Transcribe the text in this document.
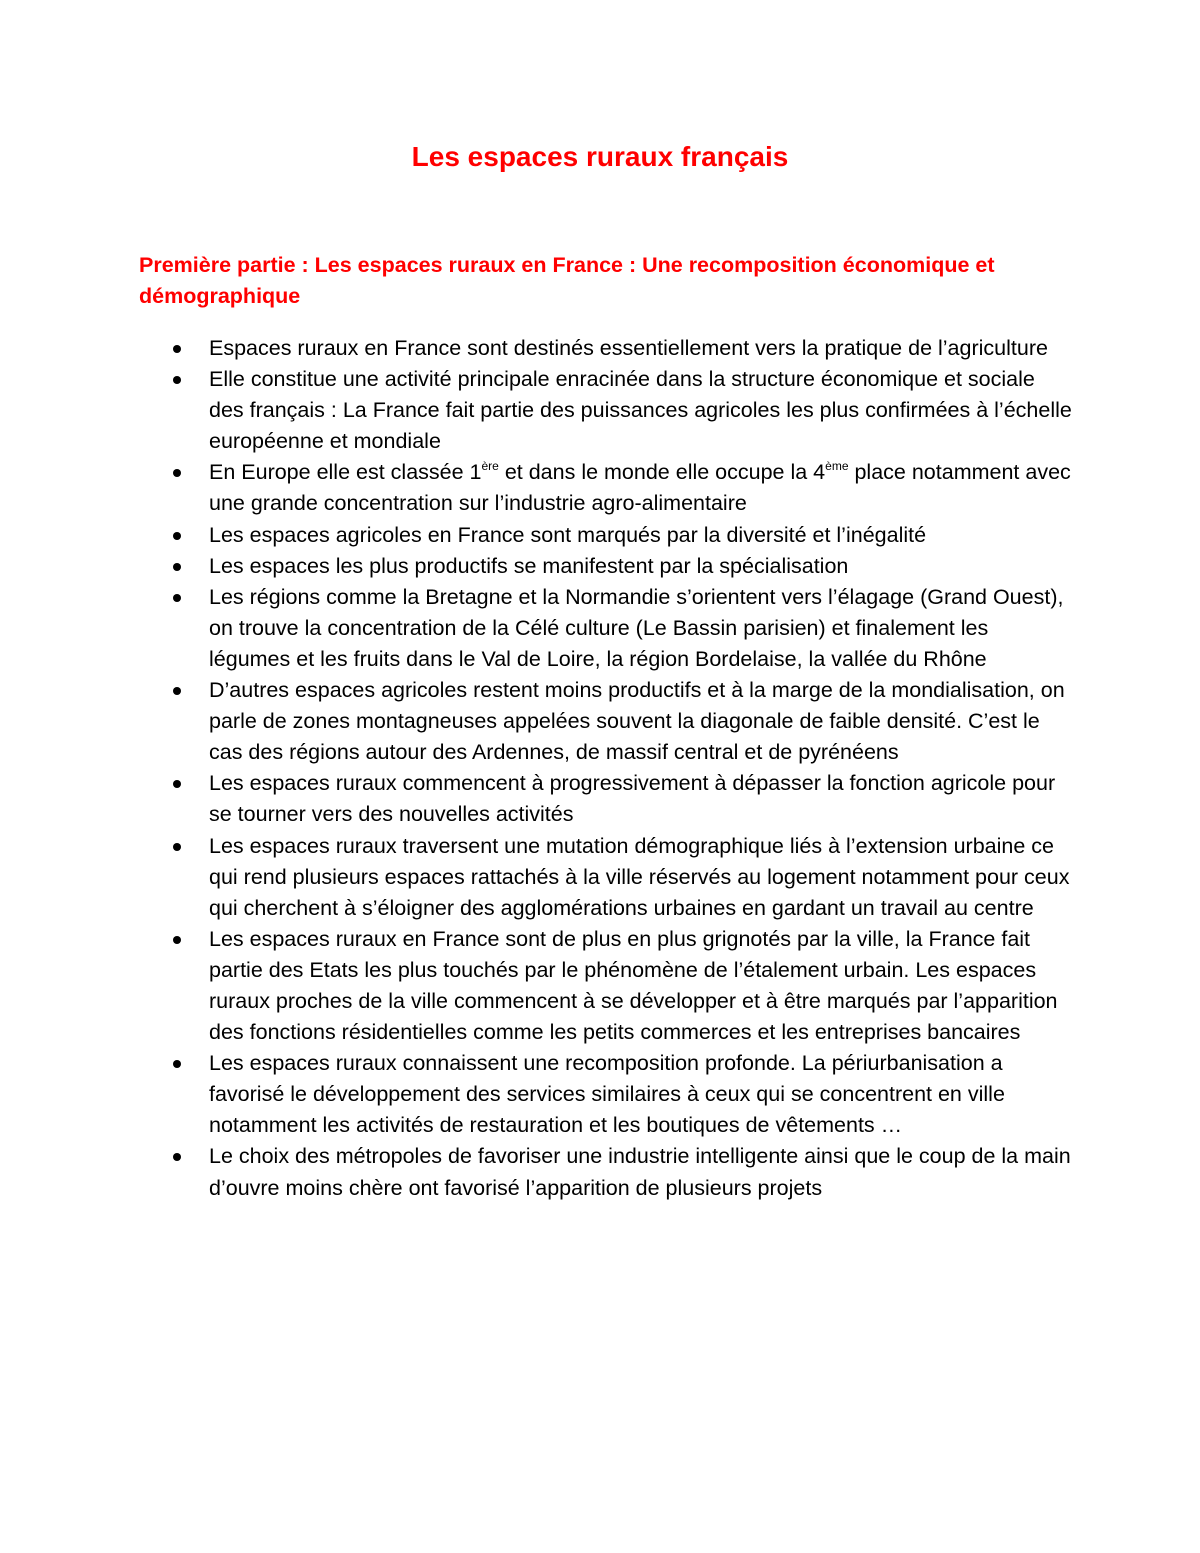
Les espaces ruraux français
Première partie : Les espaces ruraux en France : Une recomposition économique et démographique
Espaces ruraux en France sont destinés essentiellement vers la pratique de l’agriculture
Elle constitue une activité principale enracinée dans la structure économique et sociale des français : La France fait partie des puissances agricoles les plus confirmées à l’échelle européenne et mondiale
En Europe elle est classée 1ère et dans le monde elle occupe la 4ème place notamment avec une grande concentration sur l’industrie agro-alimentaire
Les espaces agricoles en France sont marqués par la diversité et l’inégalité
Les espaces les plus productifs se manifestent par la spécialisation
Les régions comme la Bretagne et la Normandie s’orientent vers l’élagage (Grand Ouest), on trouve la concentration de la Célé culture (Le Bassin parisien) et finalement les légumes et les fruits dans le Val de Loire, la région Bordelaise, la vallée du Rhône
D’autres espaces agricoles restent moins productifs et à la marge de la mondialisation, on parle de zones montagneuses appelées souvent la diagonale de faible densité. C’est le cas des régions autour des Ardennes, de massif central et de pyrénéens
Les espaces ruraux commencent à progressivement à dépasser la fonction agricole pour se tourner vers des nouvelles activités
Les espaces ruraux traversent une mutation démographique liés à l’extension urbaine ce qui rend plusieurs espaces rattachés à la ville réservés au logement notamment pour ceux qui cherchent à s’éloigner des agglomérations urbaines en gardant un travail au centre
Les espaces ruraux en France sont de plus en plus grignotés par la ville, la France fait partie des Etats les plus touchés par le phénomène de l’étalement urbain. Les espaces ruraux proches de la ville commencent à se développer et à être marqués par l’apparition des fonctions résidentielles comme les petits commerces et les entreprises bancaires
Les espaces ruraux connaissent une recomposition profonde. La périurbanisation a favorisé le développement des services similaires à ceux qui se concentrent en ville notamment les activités de restauration et les boutiques de vêtements …
Le choix des métropoles de favoriser une industrie intelligente ainsi que le coup de la main d’ouvre moins chère ont favorisé l’apparition de plusieurs projets
